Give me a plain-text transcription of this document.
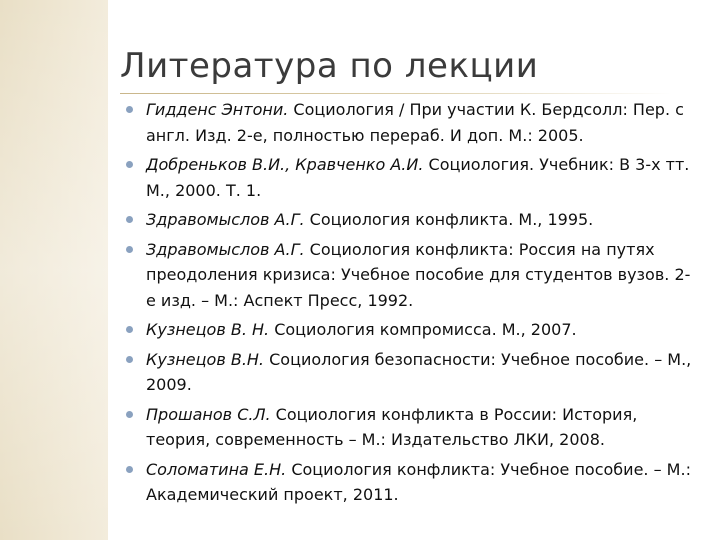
Литература по лекции
Гидденс Энтони. Социология / При участии К. Бердсолл: Пер. с англ. Изд. 2-е, полностью перераб. И доп. М.: 2005.
Добреньков В.И., Кравченко А.И. Социология. Учебник: В 3-х тт. М., 2000. Т. 1.
Здравомыслов А.Г. Социология конфликта. М., 1995.
Здравомыслов А.Г. Социология конфликта: Россия на путях преодоления кризиса: Учебное пособие для студентов вузов. 2-е изд. – М.: Аспект Пресс, 1992.
Кузнецов В. Н. Социология компромисса. М., 2007.
Кузнецов В.Н. Социология безопасности: Учебное пособие. – М., 2009.
Прошанов С.Л. Социология конфликта в России: История, теория, современность – М.: Издательство ЛКИ, 2008.
Соломатина Е.Н. Социология конфликта: Учебное пособие. – М.: Академический проект, 2011.
